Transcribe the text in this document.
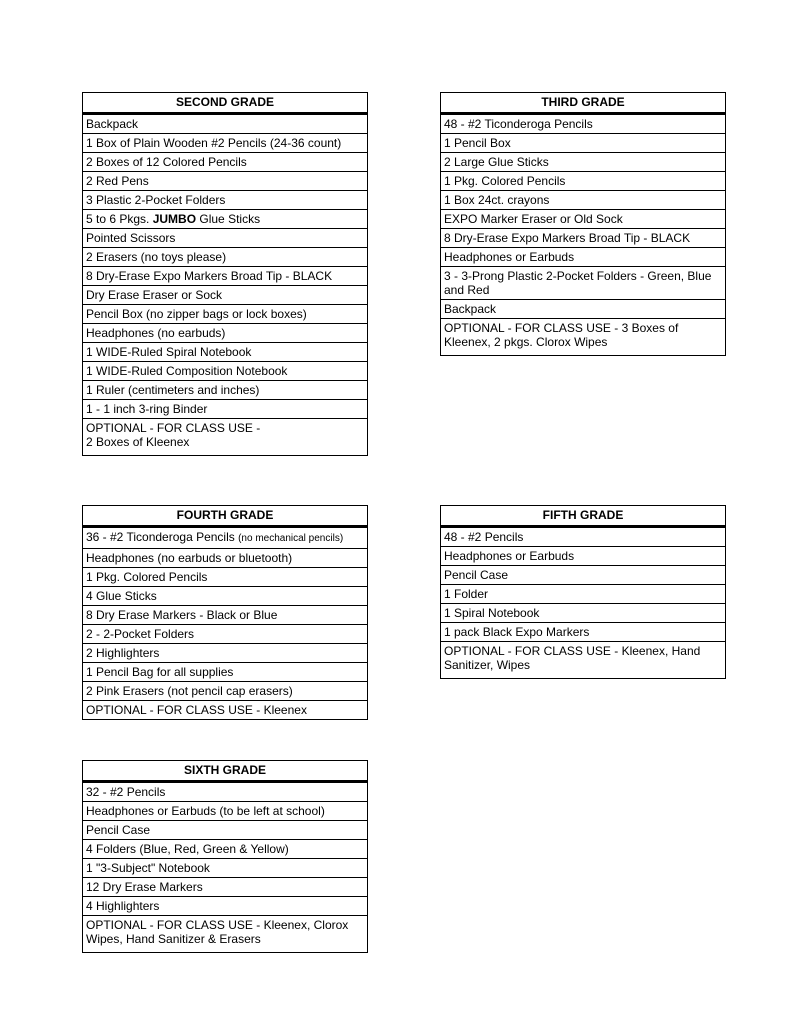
SECOND GRADE
Backpack
1 Box of Plain Wooden #2 Pencils (24-36 count)
2 Boxes of 12 Colored Pencils
2 Red Pens
3 Plastic 2-Pocket Folders
5 to 6 Pkgs. JUMBO Glue Sticks
Pointed Scissors
2 Erasers (no toys please)
8 Dry-Erase Expo Markers Broad Tip - BLACK
Dry Erase Eraser or Sock
Pencil Box (no zipper bags or lock boxes)
Headphones (no earbuds)
1 WIDE-Ruled Spiral Notebook
1 WIDE-Ruled Composition Notebook
1 Ruler (centimeters and inches)
1 - 1 inch 3-ring Binder
OPTIONAL - FOR CLASS USE -
2 Boxes of Kleenex
THIRD GRADE
48 - #2 Ticonderoga Pencils
1 Pencil Box
2 Large Glue Sticks
1 Pkg. Colored Pencils
1 Box 24ct. crayons
EXPO Marker Eraser or Old Sock
8 Dry-Erase Expo Markers Broad Tip - BLACK
Headphones or Earbuds
3 - 3-Prong Plastic 2-Pocket Folders - Green, Blue and Red
Backpack
OPTIONAL - FOR CLASS USE - 3 Boxes of Kleenex, 2 pkgs. Clorox Wipes
FOURTH GRADE
36 - #2 Ticonderoga Pencils (no mechanical pencils)
Headphones (no earbuds or bluetooth)
1 Pkg. Colored Pencils
4 Glue Sticks
8 Dry Erase Markers - Black or Blue
2 - 2-Pocket Folders
2 Highlighters
1 Pencil Bag for all supplies
2 Pink Erasers (not pencil cap erasers)
OPTIONAL - FOR CLASS USE - Kleenex
FIFTH GRADE
48 - #2 Pencils
Headphones or Earbuds
Pencil Case
1 Folder
1 Spiral Notebook
1 pack Black Expo Markers
OPTIONAL - FOR CLASS USE - Kleenex, Hand Sanitizer, Wipes
SIXTH GRADE
32 - #2 Pencils
Headphones or Earbuds (to be left at school)
Pencil Case
4 Folders (Blue, Red, Green & Yellow)
1 "3-Subject" Notebook
12 Dry Erase Markers
4 Highlighters
OPTIONAL - FOR CLASS USE - Kleenex, Clorox Wipes, Hand Sanitizer & Erasers
